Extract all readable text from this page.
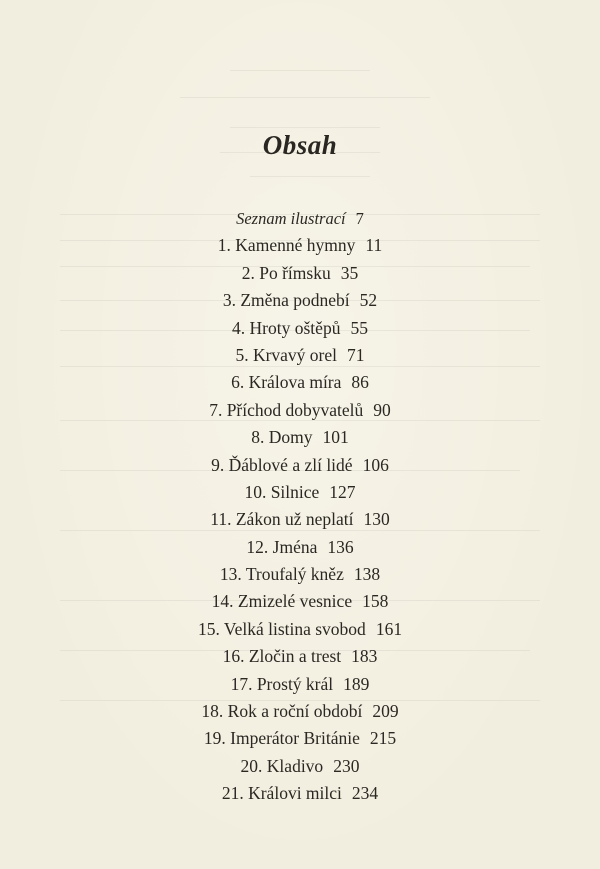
Obsah
Seznam ilustrací 7
1. Kamenné hymny 11
2. Po římsku 35
3. Změna podnebí 52
4. Hroty oštěpů 55
5. Krvavý orel 71
6. Králova míra 86
7. Příchod dobyvatelů 90
8. Domy 101
9. Ďáblové a zlí lidé 106
10. Silnice 127
11. Zákon už neplatí 130
12. Jména 136
13. Troufalý kněz 138
14. Zmizelé vesnice 158
15. Velká listina svobod 161
16. Zločin a trest 183
17. Prostý král 189
18. Rok a roční období 209
19. Imperátor Británie 215
20. Kladivo 230
21. Královi milci 234
